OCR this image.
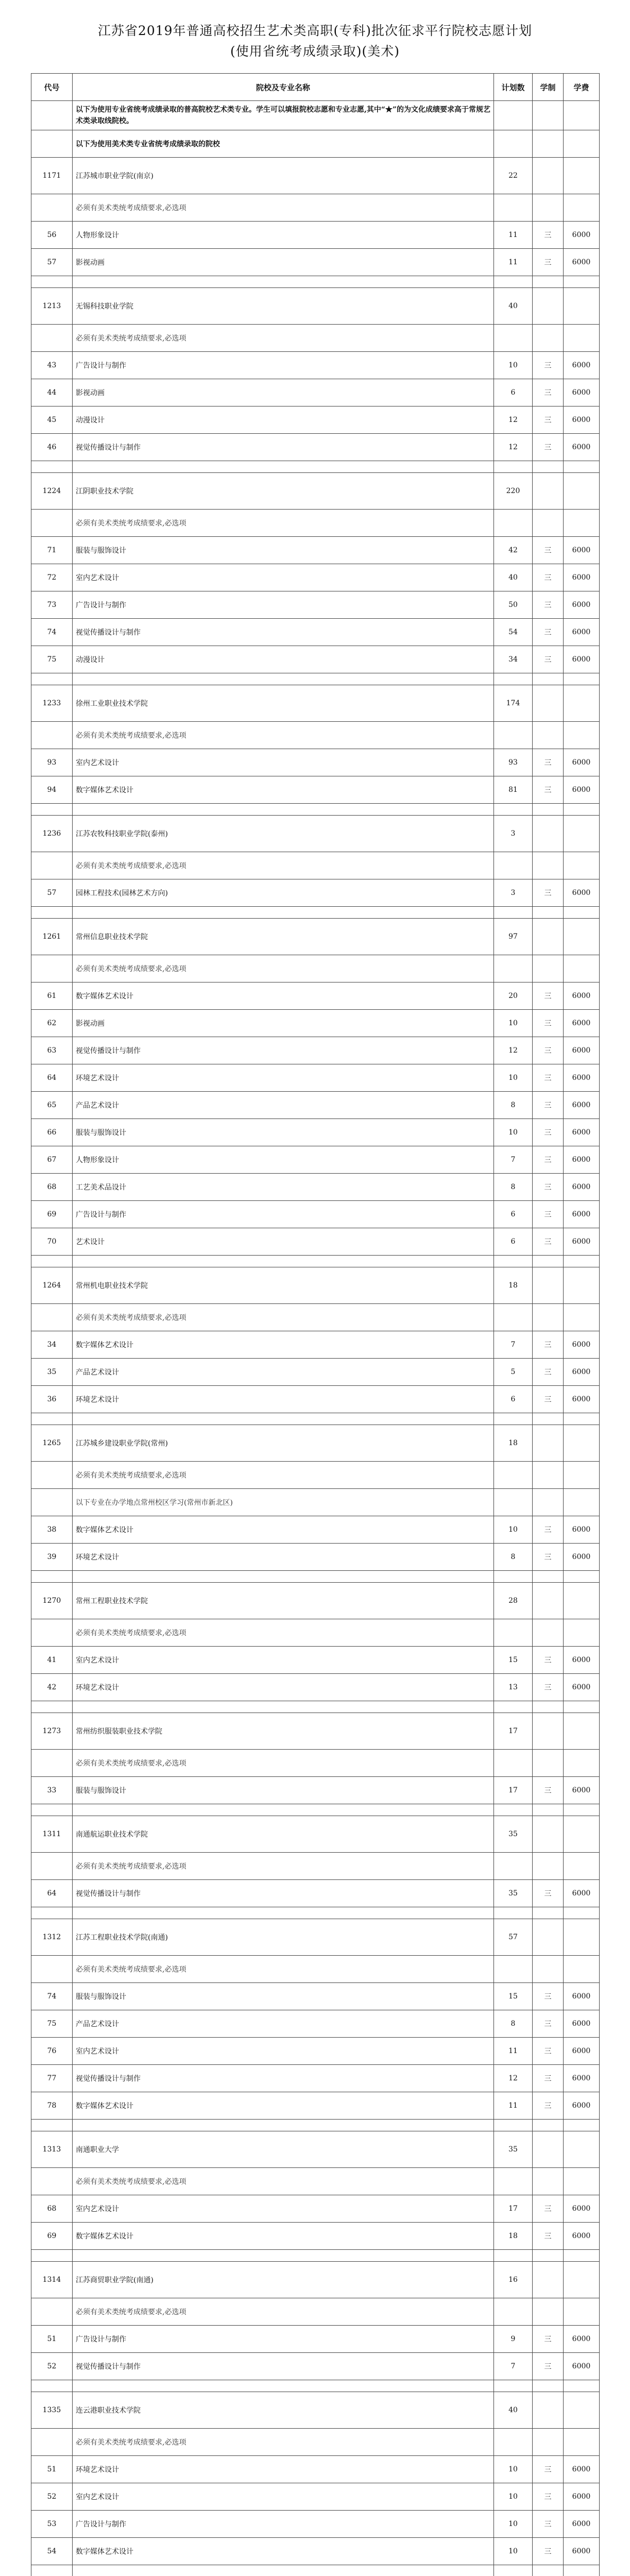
江苏省2019年普通高校招生艺术类高职(专科)批次征求平行院校志愿计划
(使用省统考成绩录取)(美术)
代号	院校及专业名称	计划数	学制	学费
	以下为使用专业省统考成绩录取的普高院校艺术类专业。学生可以填报院校志愿和专业志愿,其中“★”的为文化成绩要求高于常规艺术类录取线院校。			
	以下为使用美术类专业省统考成绩录取的院校			
1171	江苏城市职业学院(南京)	22		
	必须有美术类统考成绩要求,必选项			
56	人物形象设计	11	三	6000
57	影视动画	11	三	6000

1213	无锡科技职业学院	40		
	必须有美术类统考成绩要求,必选项			
43	广告设计与制作	10	三	6000
44	影视动画	6	三	6000
45	动漫设计	12	三	6000
46	视觉传播设计与制作	12	三	6000

1224	江阴职业技术学院	220		
	必须有美术类统考成绩要求,必选项			
71	服装与服饰设计	42	三	6000
72	室内艺术设计	40	三	6000
73	广告设计与制作	50	三	6000
74	视觉传播设计与制作	54	三	6000
75	动漫设计	34	三	6000

1233	徐州工业职业技术学院	174		
	必须有美术类统考成绩要求,必选项			
93	室内艺术设计	93	三	6000
94	数字媒体艺术设计	81	三	6000

1236	江苏农牧科技职业学院(泰州)	3		
	必须有美术类统考成绩要求,必选项			
57	园林工程技术(园林艺术方向)	3	三	6000

1261	常州信息职业技术学院	97		
	必须有美术类统考成绩要求,必选项			
61	数字媒体艺术设计	20	三	6000
62	影视动画	10	三	6000
63	视觉传播设计与制作	12	三	6000
64	环境艺术设计	10	三	6000
65	产品艺术设计	8	三	6000
66	服装与服饰设计	10	三	6000
67	人物形象设计	7	三	6000
68	工艺美术品设计	8	三	6000
69	广告设计与制作	6	三	6000
70	艺术设计	6	三	6000

1264	常州机电职业技术学院	18		
	必须有美术类统考成绩要求,必选项			
34	数字媒体艺术设计	7	三	6000
35	产品艺术设计	5	三	6000
36	环境艺术设计	6	三	6000

1265	江苏城乡建设职业学院(常州)	18		
	必须有美术类统考成绩要求,必选项			
	以下专业在办学地点常州校区学习(常州市新北区)			
38	数字媒体艺术设计	10	三	6000
39	环境艺术设计	8	三	6000

1270	常州工程职业技术学院	28		
	必须有美术类统考成绩要求,必选项			
41	室内艺术设计	15	三	6000
42	环境艺术设计	13	三	6000

1273	常州纺织服装职业技术学院	17		
	必须有美术类统考成绩要求,必选项			
33	服装与服饰设计	17	三	6000

1311	南通航运职业技术学院	35		
	必须有美术类统考成绩要求,必选项			
64	视觉传播设计与制作	35	三	6000

1312	江苏工程职业技术学院(南通)	57		
	必须有美术类统考成绩要求,必选项			
74	服装与服饰设计	15	三	6000
75	产品艺术设计	8	三	6000
76	室内艺术设计	11	三	6000
77	视觉传播设计与制作	12	三	6000
78	数字媒体艺术设计	11	三	6000

1313	南通职业大学	35		
	必须有美术类统考成绩要求,必选项			
68	室内艺术设计	17	三	6000
69	数字媒体艺术设计	18	三	6000

1314	江苏商贸职业学院(南通)	16		
	必须有美术类统考成绩要求,必选项			
51	广告设计与制作	9	三	6000
52	视觉传播设计与制作	7	三	6000

1335	连云港职业技术学院	40		
	必须有美术类统考成绩要求,必选项			
51	环境艺术设计	10	三	6000
52	室内艺术设计	10	三	6000
53	广告设计与制作	10	三	6000
54	数字媒体艺术设计	10	三	6000
